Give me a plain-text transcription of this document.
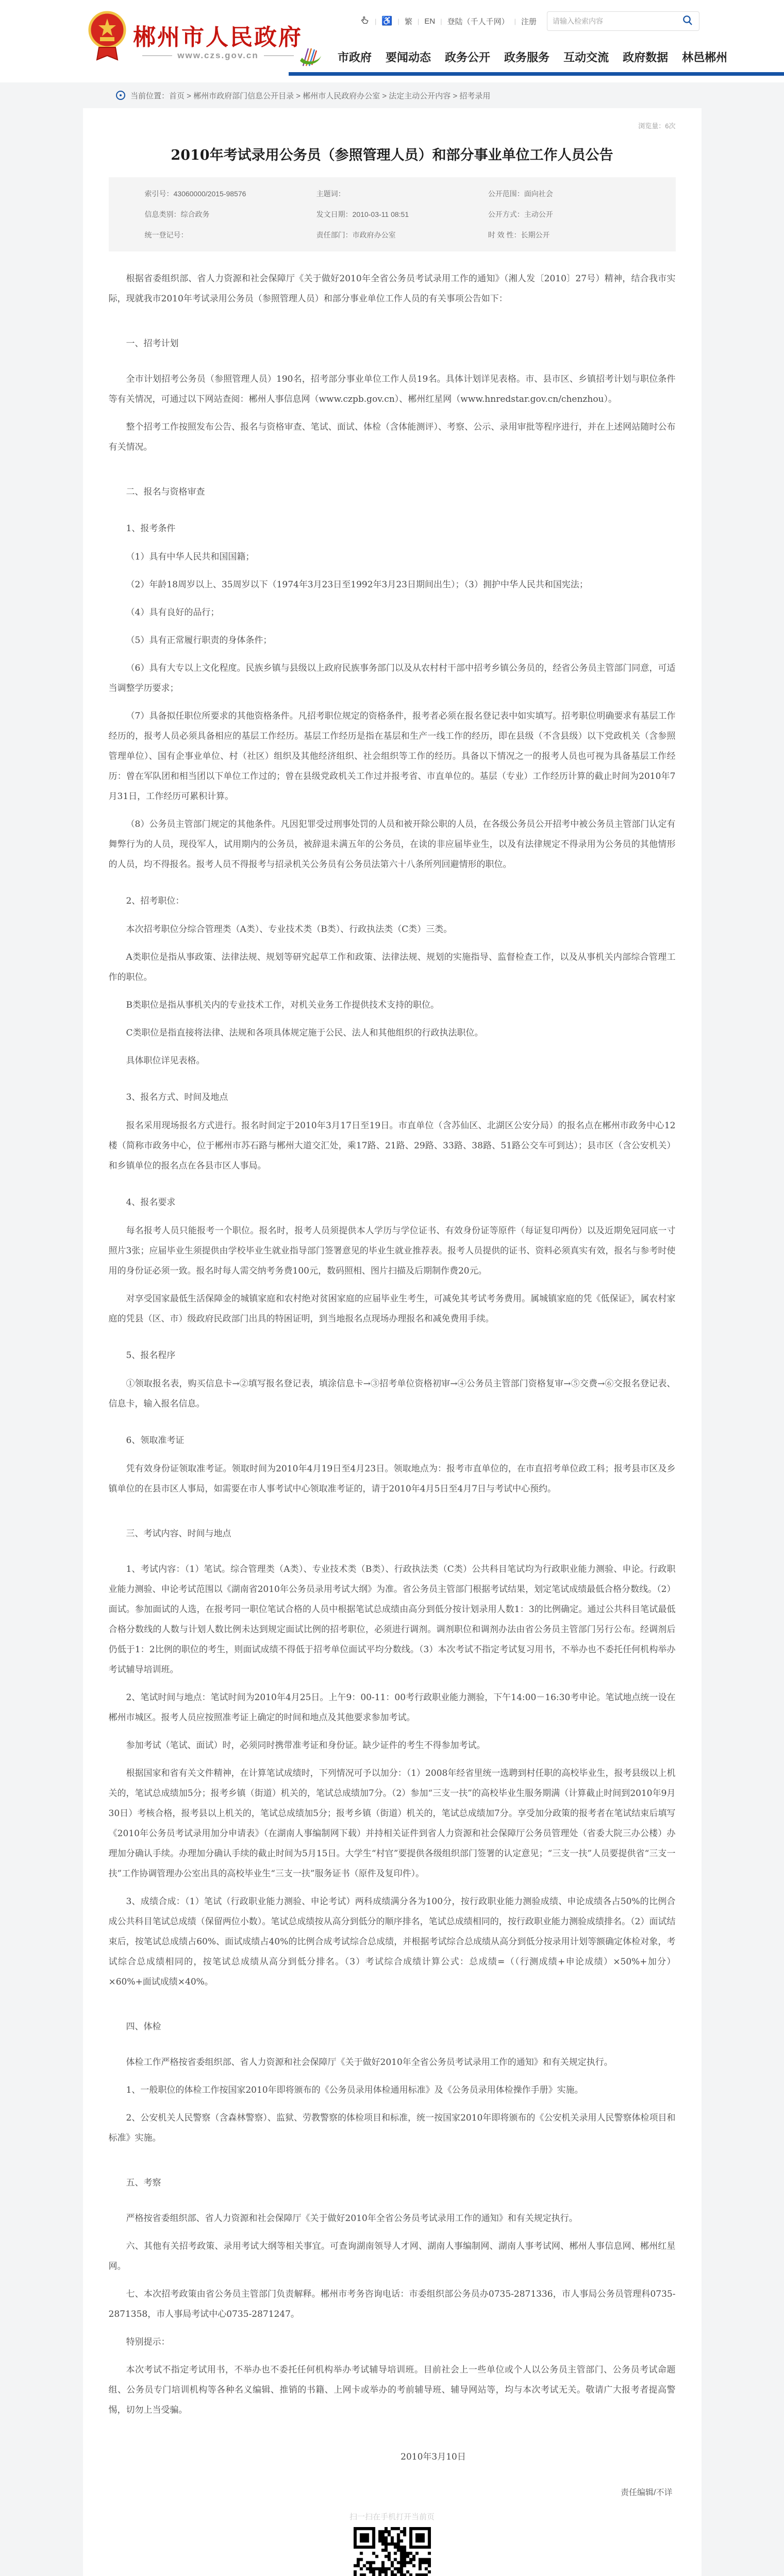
郴州市人民政府
www.czs.gov.cn
| ♿ | 繁 | EN | 登陆（千人千网） | 注册
请输入检索内容
市政府 要闻动态 政务公开 政务服务 互动交流 政府数据 林邑郴州
当前位置：首页 > 郴州市政府部门信息公开目录 > 郴州市人民政府办公室 > 法定主动公开内容 > 招考录用
浏览量：6次
2010年考试录用公务员（参照管理人员）和部分事业单位工作人员公告
索引号：43060000/2015-98576	主题词：	公开范围：面向社会
信息类别：综合政务	发文日期：2010-03-11 08:51	公开方式：主动公开
统一登记号：	责任部门：市政府办公室	时 效 性：长期公开

根据省委组织部、省人力资源和社会保障厅《关于做好2010年全省公务员考试录用工作的通知》（湘人发〔2010〕27号）精神，结合我市实际，现就我市2010年考试录用公务员（参照管理人员）和部分事业单位工作人员的有关事项公告如下：

一、招考计划

全市计划招考公务员（参照管理人员）190名，招考部分事业单位工作人员19名。具体计划详见表格。市、县市区、乡镇招考计划与职位条件等有关情况，可通过以下网站查阅：郴州人事信息网（www.czpb.gov.cn）、郴州红星网（www.hnredstar.gov.cn/chenzhou）。

整个招考工作按照发布公告、报名与资格审查、笔试、面试、体检（含体能测评）、考察、公示、录用审批等程序进行，并在上述网站随时公布有关情况。

二、报名与资格审查

1、报考条件

（1）具有中华人民共和国国籍；

（2）年龄18周岁以上、35周岁以下（1974年3月23日至1992年3月23日期间出生）；（3）拥护中华人民共和国宪法；

（4）具有良好的品行；

（5）具有正常履行职责的身体条件；

（6）具有大专以上文化程度。民族乡镇与县级以上政府民族事务部门以及从农村村干部中招考乡镇公务员的，经省公务员主管部门同意，可适当调整学历要求；

（7）具备拟任职位所要求的其他资格条件。凡招考职位规定的资格条件，报考者必须在报名登记表中如实填写。招考职位明确要求有基层工作经历的，报考人员必须具备相应的基层工作经历。基层工作经历是指在基层和生产一线工作的经历，即在县级（不含县级）以下党政机关（含参照管理单位）、国有企事业单位、村（社区）组织及其他经济组织、社会组织等工作的经历。具备以下情况之一的报考人员也可视为具备基层工作经历：曾在军队团和相当团以下单位工作过的；曾在县级党政机关工作过并报考省、市直单位的。基层（专业）工作经历计算的截止时间为2010年7月31日，工作经历可累积计算。

（8）公务员主管部门规定的其他条件。凡因犯罪受过刑事处罚的人员和被开除公职的人员，在各级公务员公开招考中被公务员主管部门认定有舞弊行为的人员，现役军人，试用期内的公务员，被辞退未满五年的公务员，在读的非应届毕业生，以及有法律规定不得录用为公务员的其他情形的人员，均不得报名。报考人员不得报考与招录机关公务员有公务员法第六十八条所列回避情形的职位。

2、招考职位：

本次招考职位分综合管理类（A类）、专业技术类（B类）、行政执法类（C类）三类。

A类职位是指从事政策、法律法规、规划等研究起草工作和政策、法律法规、规划的实施指导、监督检查工作，以及从事机关内部综合管理工作的职位。

B类职位是指从事机关内的专业技术工作，对机关业务工作提供技术支持的职位。

C类职位是指直接将法律、法规和各项具体规定施于公民、法人和其他组织的行政执法职位。

具体职位详见表格。

3、报名方式、时间及地点

报名采用现场报名方式进行。报名时间定于2010年3月17日至19日。市直单位（含苏仙区、北湖区公安分局）的报名点在郴州市政务中心12楼（简称市政务中心，位于郴州市苏石路与郴州大道交汇处，乘17路、21路、29路、33路、38路、51路公交车可到达）；县市区（含公安机关）和乡镇单位的报名点在各县市区人事局。

4、报名要求

每名报考人员只能报考一个职位。报名时，报考人员须提供本人学历与学位证书、有效身份证等原件（每证复印两份）以及近期免冠同底一寸照片3张；应届毕业生须提供由学校毕业生就业指导部门签署意见的毕业生就业推荐表。报考人员提供的证书、资料必须真实有效，报名与参考时使用的身份证必须一致。报名时每人需交纳考务费100元，数码照相、图片扫描及后期制作费20元。

对享受国家最低生活保障金的城镇家庭和农村绝对贫困家庭的应届毕业生考生，可减免其考试考务费用。属城镇家庭的凭《低保证》，属农村家庭的凭县（区、市）级政府民政部门出具的特困证明，到当地报名点现场办理报名和减免费用手续。

5、报名程序

①领取报名表，购买信息卡→②填写报名登记表，填涂信息卡→③招考单位资格初审→④公务员主管部门资格复审→⑤交费→⑥交报名登记表、信息卡，输入报名信息。

6、领取准考证

凭有效身份证领取准考证。领取时间为2010年4月19日至4月23日。领取地点为：报考市直单位的，在市直招考单位政工科；报考县市区及乡镇单位的在县市区人事局，如需要在市人事考试中心领取准考证的，请于2010年4月5日至4月7日与考试中心预约。

三、考试内容、时间与地点

1、考试内容：（1）笔试。综合管理类（A类）、专业技术类（B类）、行政执法类（C类）公共科目笔试均为行政职业能力测验、申论。行政职业能力测验、申论考试范围以《湖南省2010年公务员录用考试大纲》为准。省公务员主管部门根据考试结果，划定笔试成绩最低合格分数线。（2）面试。参加面试的人选，在报考同一职位笔试合格的人员中根据笔试总成绩由高分到低分按计划录用人数1：3的比例确定。通过公共科目笔试最低合格分数线的人数与计划人数比例未达到规定面试比例的招考职位，必须进行调剂。调剂职位和调剂办法由省公务员主管部门另行公布。经调剂后仍低于1：2比例的职位的考生，则面试成绩不得低于招考单位面试平均分数线。（3）本次考试不指定考试复习用书，不举办也不委托任何机构举办考试辅导培训班。

2、笔试时间与地点：笔试时间为2010年4月25日。上午9：00-11：00考行政职业能力测验，下午14:00－16:30考申论。笔试地点统一设在郴州市城区。报考人员应按照准考证上确定的时间和地点及其他要求参加考试。

参加考试（笔试、面试）时，必须同时携带准考证和身份证。缺少证件的考生不得参加考试。

根据国家和省有关文件精神，在计算笔试成绩时，下列情况可予以加分：（1）2008年经省里统一选聘到村任职的高校毕业生，报考县级以上机关的，笔试总成绩加5分；报考乡镇（街道）机关的，笔试总成绩加7分。（2）参加“三支一扶”的高校毕业生服务期满（计算截止时间到2010年9月30日）考核合格，报考县以上机关的，笔试总成绩加5分；报考乡镇（街道）机关的，笔试总成绩加7分。享受加分政策的报考者在笔试结束后填写《2010年公务员考试录用加分申请表》（在湖南人事编制网下载）并持相关证件到省人力资源和社会保障厅公务员管理处（省委大院三办公楼）办理加分确认手续。办理加分确认手续的截止时间为5月15日。大学生“村官”要提供各级组织部门签署的认定意见；“三支一扶”人员要提供省“三支一扶”工作协调管理办公室出具的高校毕业生“三支一扶”服务证书（原件及复印件）。

3、成绩合成：（1）笔试（行政职业能力测验、申论考试）两科成绩满分各为100分，按行政职业能力测验成绩、申论成绩各占50%的比例合成公共科目笔试总成绩（保留两位小数）。笔试总成绩按从高分到低分的顺序排名，笔试总成绩相同的，按行政职业能力测验成绩排名。（2）面试结束后，按笔试总成绩占60%、面试成绩占40%的比例合成考试综合总成绩，并根据考试综合总成绩从高分到低分按录用计划等额确定体检对象，考试综合总成绩相同的，按笔试总成绩从高分到低分排名。（3）考试综合成绩计算公式：总成绩=（（行测成绩+申论成绩）×50%+加分）×60%+面试成绩×40%。

四、体检

体检工作严格按省委组织部、省人力资源和社会保障厅《关于做好2010年全省公务员考试录用工作的通知》和有关规定执行。

1、一般职位的体检工作按国家2010年即将颁布的《公务员录用体检通用标准》及《公务员录用体检操作手册》实施。

2、公安机关人民警察（含森林警察）、监狱、劳教警察的体检项目和标准，统一按国家2010年即将颁布的《公安机关录用人民警察体检项目和标准》实施。

五、考察

严格按省委组织部、省人力资源和社会保障厅《关于做好2010年全省公务员考试录用工作的通知》和有关规定执行。

六、其他有关招考政策、录用考试大纲等相关事宜。可查询湖南领导人才网、湖南人事编制网、湖南人事考试网、郴州人事信息网、郴州红星网。

七、本次招考政策由省公务员主管部门负责解释。郴州市考务咨询电话：市委组织部公务员办0735-2871336，市人事局公务员管理科0735-2871358，市人事局考试中心0735-2871247。

特别提示：

本次考试不指定考试用书，不举办也不委托任何机构举办考试辅导培训班。目前社会上一些单位或个人以公务员主管部门、公务员考试命题组、公务员专门培训机构等各种名义编辑、推销的书籍、上网卡或举办的考前辅导班、辅导网站等，均与本次考试无关。敬请广大报考者提高警惕，切勿上当受骗。

2010年3月10日
责任编辑/不详
扫一扫在手机打开当前页
